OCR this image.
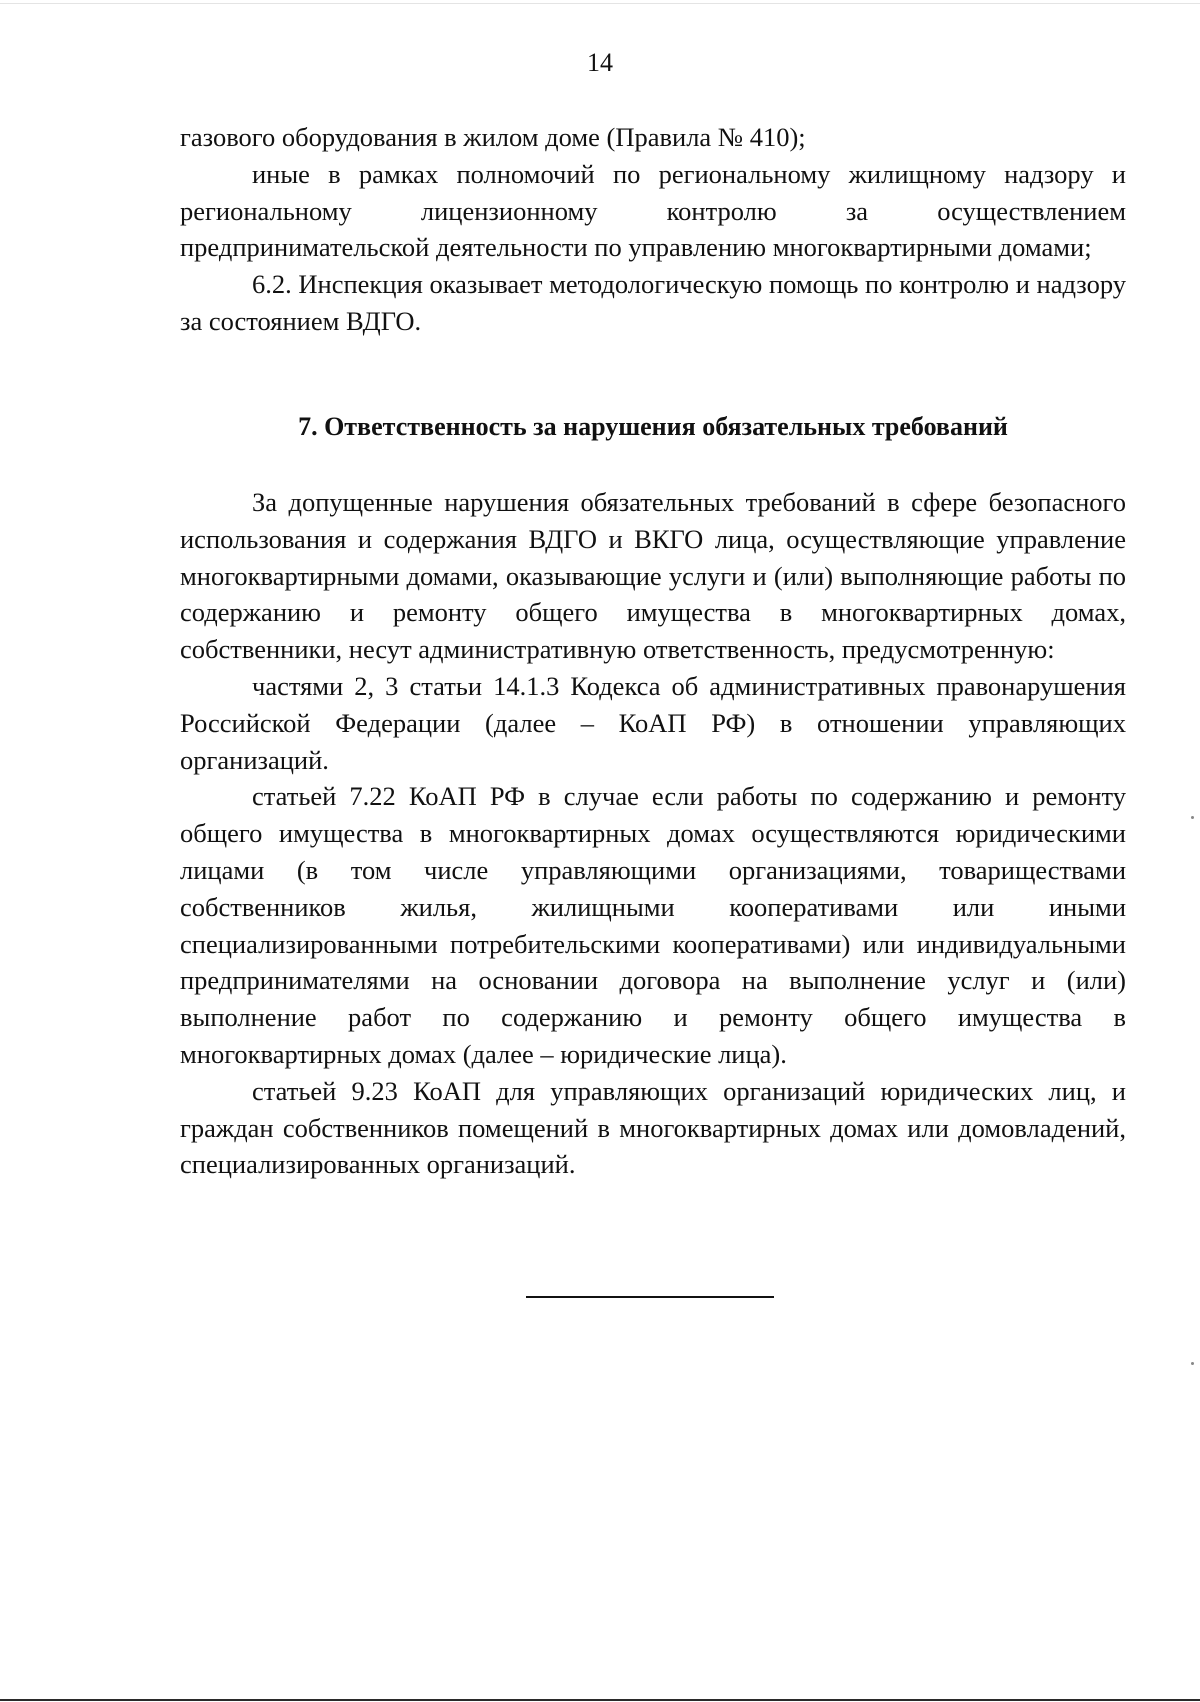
14

газового оборудования в жилом доме (Правила № 410);

иные в рамках полномочий по региональному жилищному надзору и региональному лицензионному контролю за осуществлением предпринимательской деятельности по управлению многоквартирными домами;

6.2. Инспекция оказывает методологическую помощь по контролю и надзору за состоянием ВДГО.

7. Ответственность за нарушения обязательных требований

За допущенные нарушения обязательных требований в сфере безопасного использования и содержания ВДГО и ВКГО лица, осуществляющие управление многоквартирными домами, оказывающие услуги и (или) выполняющие работы по содержанию и ремонту общего имущества в многоквартирных домах, собственники, несут административную ответственность, предусмотренную:

частями 2, 3 статьи 14.1.3 Кодекса об административных правонарушения Российской Федерации (далее – КоАП РФ) в отношении управляющих организаций.

статьей 7.22 КоАП РФ в случае если работы по содержанию и ремонту общего имущества в многоквартирных домах осуществляются юридическими лицами (в том числе управляющими организациями, товариществами собственников жилья, жилищными кооперативами или иными специализированными потребительскими кооперативами) или индивидуальными предпринимателями на основании договора на выполнение услуг и (или) выполнение работ по содержанию и ремонту общего имущества в многоквартирных домах (далее – юридические лица).

статьей 9.23 КоАП для управляющих организаций юридических лиц, и граждан собственников помещений в многоквартирных домах или домовладений, специализированных организаций.
